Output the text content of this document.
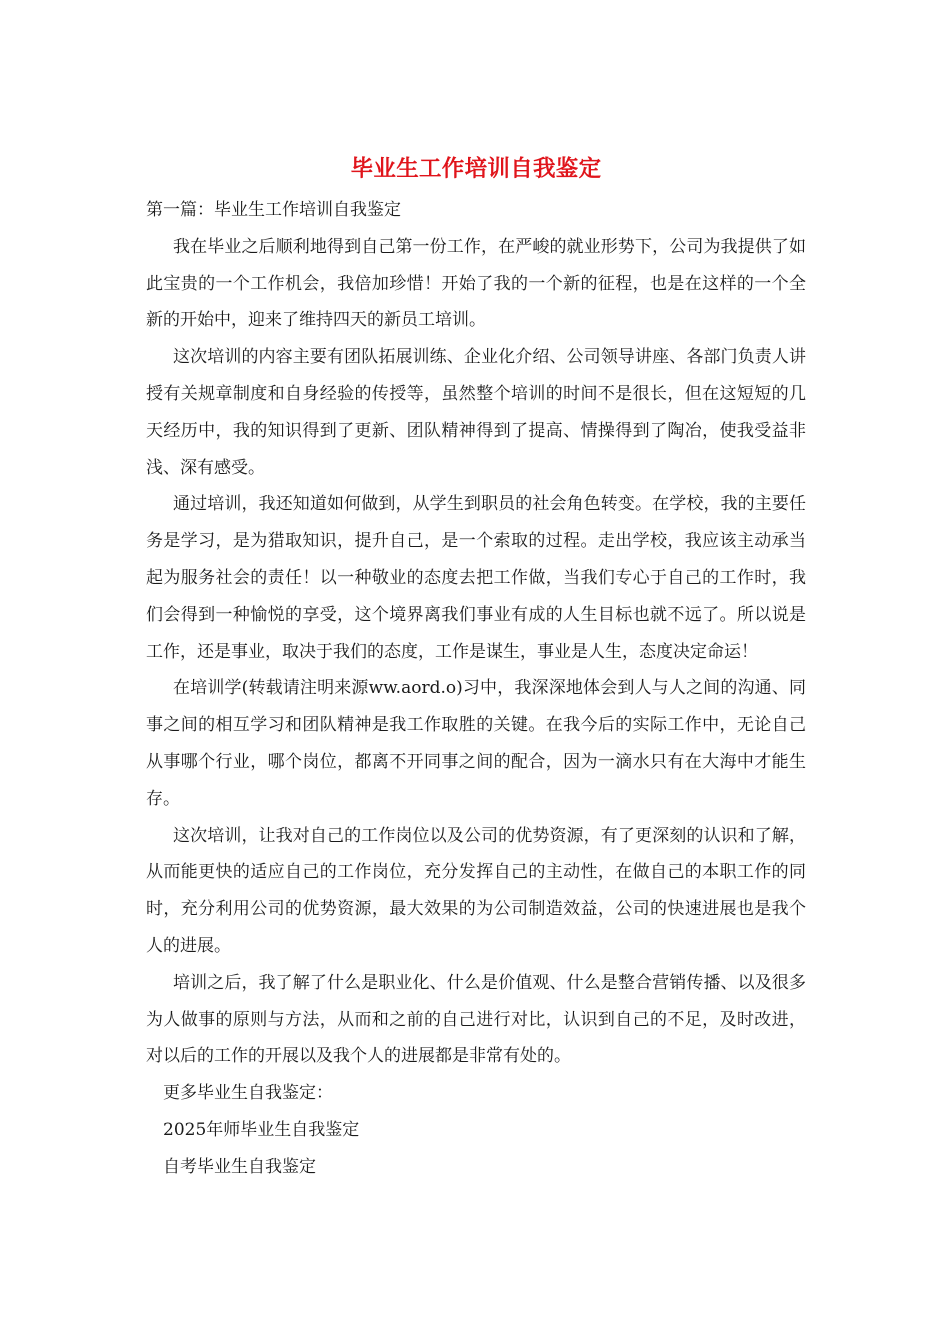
毕业生工作培训自我鉴定

第一篇：毕业生工作培训自我鉴定

我在毕业之后顺利地得到自己第一份工作，在严峻的就业形势下，公司为我提供了如此宝贵的一个工作机会，我倍加珍惜！开始了我的一个新的征程，也是在这样的一个全新的开始中，迎来了维持四天的新员工培训。

这次培训的内容主要有团队拓展训练、企业化介绍、公司领导讲座、各部门负责人讲授有关规章制度和自身经验的传授等，虽然整个培训的时间不是很长，但在这短短的几天经历中，我的知识得到了更新、团队精神得到了提高、情操得到了陶冶，使我受益非浅、深有感受。

通过培训，我还知道如何做到，从学生到职员的社会角色转变。在学校，我的主要任务是学习，是为猎取知识，提升自己，是一个索取的过程。走出学校，我应该主动承当起为服务社会的责任！以一种敬业的态度去把工作做，当我们专心于自己的工作时，我们会得到一种愉悦的享受，这个境界离我们事业有成的人生目标也就不远了。所以说是工作，还是事业，取决于我们的态度，工作是谋生，事业是人生，态度决定命运！

在培训学(转载请注明来源ww.aord.o)习中，我深深地体会到人与人之间的沟通、同事之间的相互学习和团队精神是我工作取胜的关键。在我今后的实际工作中，无论自己从事哪个行业，哪个岗位，都离不开同事之间的配合，因为一滴水只有在大海中才能生存。

这次培训，让我对自己的工作岗位以及公司的优势资源，有了更深刻的认识和了解，从而能更快的适应自己的工作岗位，充分发挥自己的主动性，在做自己的本职工作的同时，充分利用公司的优势资源，最大效果的为公司制造效益，公司的快速进展也是我个人的进展。

培训之后，我了解了什么是职业化、什么是价值观、什么是整合营销传播、以及很多为人做事的原则与方法，从而和之前的自己进行对比，认识到自己的不足，及时改进，对以后的工作的开展以及我个人的进展都是非常有处的。

更多毕业生自我鉴定：
2025年师毕业生自我鉴定
自考毕业生自我鉴定
